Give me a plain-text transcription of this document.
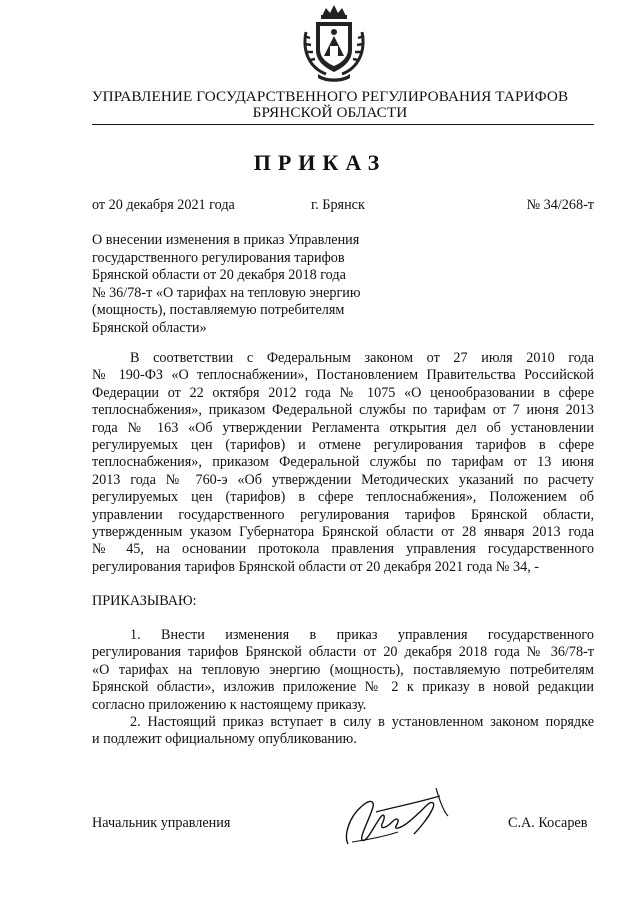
УПРАВЛЕНИЕ ГОСУДАРСТВЕННОГО РЕГУЛИРОВАНИЯ ТАРИФОВ
БРЯНСКОЙ ОБЛАСТИ
ПРИКАЗ
от 20 декабря 2021 года	г. Брянск	№ 34/268-т
О внесении изменения в приказ Управления
государственного регулирования тарифов
Брянской области от 20 декабря 2018 года
№ 36/78-т «О тарифах на тепловую энергию
(мощность), поставляемую потребителям
Брянской области»
В соответствии с Федеральным законом от 27 июля 2010 года
№ 190-ФЗ «О теплоснабжении», Постановлением Правительства Российской
Федерации от 22 октября 2012 года № 1075 «О ценообразовании в сфере
теплоснабжения», приказом Федеральной службы по тарифам от 7 июня 2013
года № 163 «Об утверждении Регламента открытия дел об установлении
регулируемых цен (тарифов) и отмене регулирования тарифов в сфере
теплоснабжения», приказом Федеральной службы по тарифам от 13 июня
2013 года № 760-э «Об утверждении Методических указаний по расчету
регулируемых цен (тарифов) в сфере теплоснабжения», Положением об
управлении государственного регулирования тарифов Брянской области,
утвержденным указом Губернатора Брянской области от 28 января 2013 года
№ 45, на основании протокола правления управления государственного
регулирования тарифов Брянской области от 20 декабря 2021 года № 34, -
ПРИКАЗЫВАЮ:
1. Внести изменения в приказ управления государственного
регулирования тарифов Брянской области от 20 декабря 2018 года № 36/78-т
«О тарифах на тепловую энергию (мощность), поставляемую потребителям
Брянской области», изложив приложение № 2 к приказу в новой редакции
согласно приложению к настоящему приказу.
2. Настоящий приказ вступает в силу в установленном законом порядке
и подлежит официальному опубликованию.
Начальник управления	С.А. Косарев
